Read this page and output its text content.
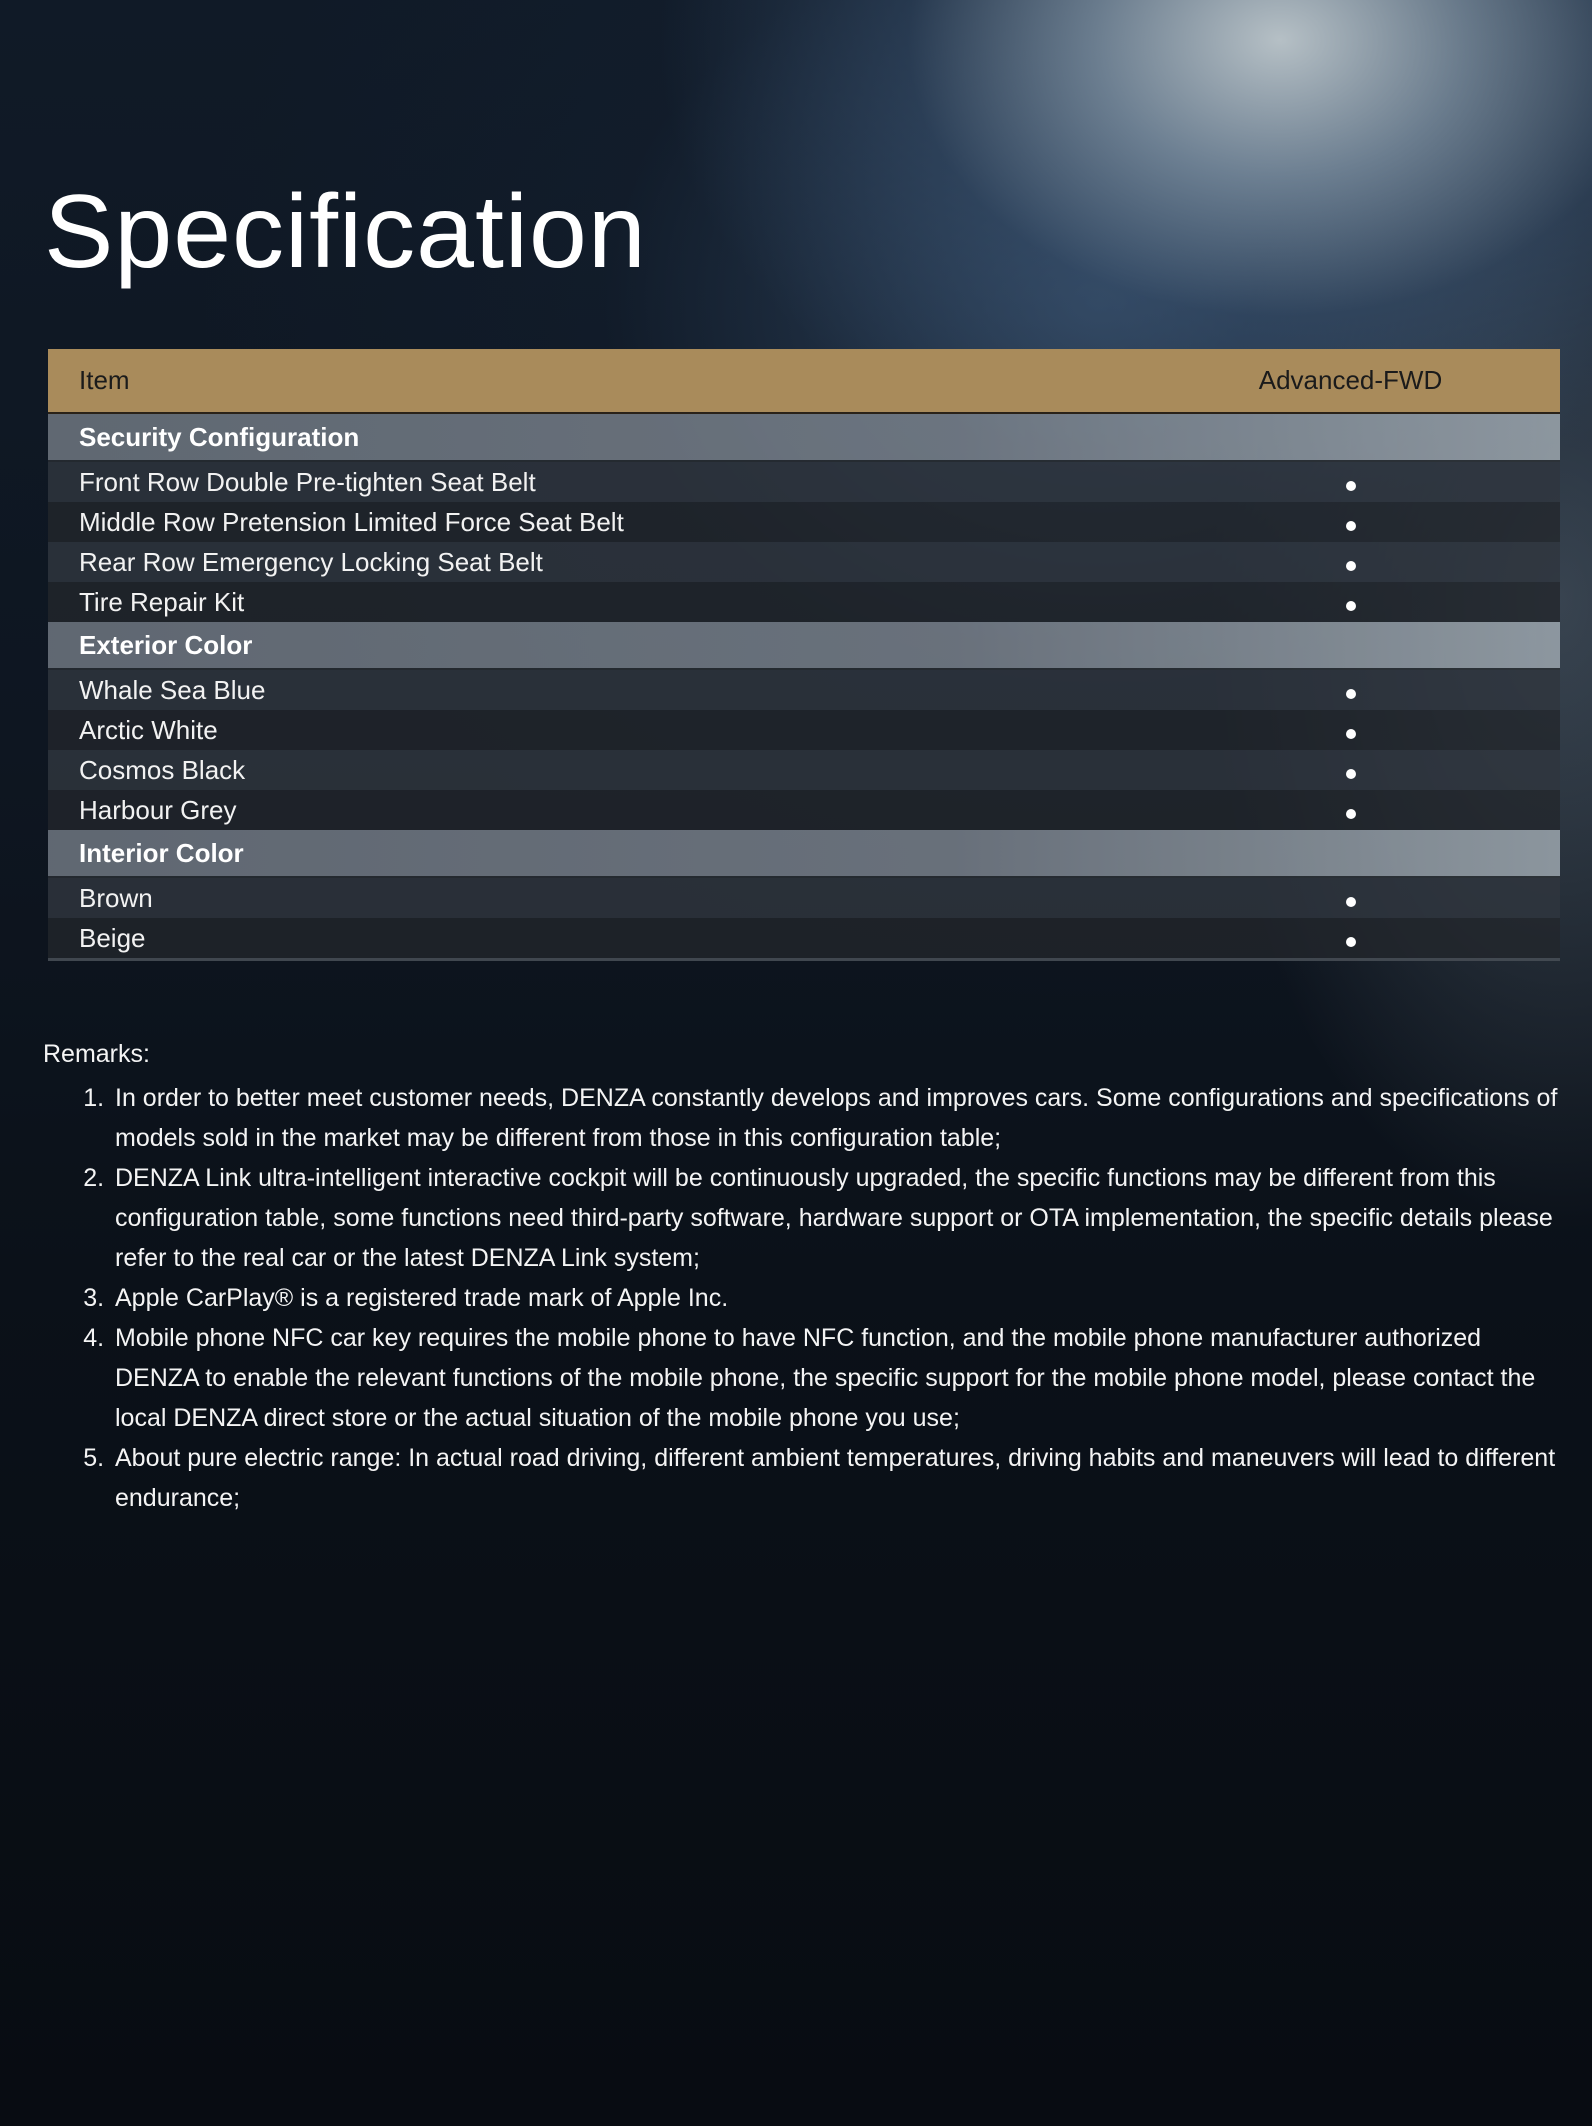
Specification
Item	Advanced-FWD
Security Configuration
Front Row Double Pre-tighten Seat Belt
Middle Row Pretension Limited Force Seat Belt
Rear Row Emergency Locking Seat Belt
Tire Repair Kit
Exterior Color
Whale Sea Blue
Arctic White
Cosmos Black
Harbour Grey
Interior Color
Brown
Beige

Remarks:

1. In order to better meet customer needs, DENZA constantly develops and improves cars. Some configurations and specifications of models sold in the market may be different from those in this configuration table;
2. DENZA Link ultra-intelligent interactive cockpit will be continuously upgraded, the specific functions may be different from this configuration table, some functions need third-party software, hardware support or OTA implementation, the specific details please refer to the real car or the latest DENZA Link system;
3. Apple CarPlay® is a registered trade mark of Apple Inc.
4. Mobile phone NFC car key requires the mobile phone to have NFC function, and the mobile phone manufacturer authorized DENZA to enable the relevant functions of the mobile phone, the specific support for the mobile phone model, please contact the local DENZA direct store or the actual situation of the mobile phone you use;
5. About pure electric range: In actual road driving, different ambient temperatures, driving habits and maneuvers will lead to different endurance;
